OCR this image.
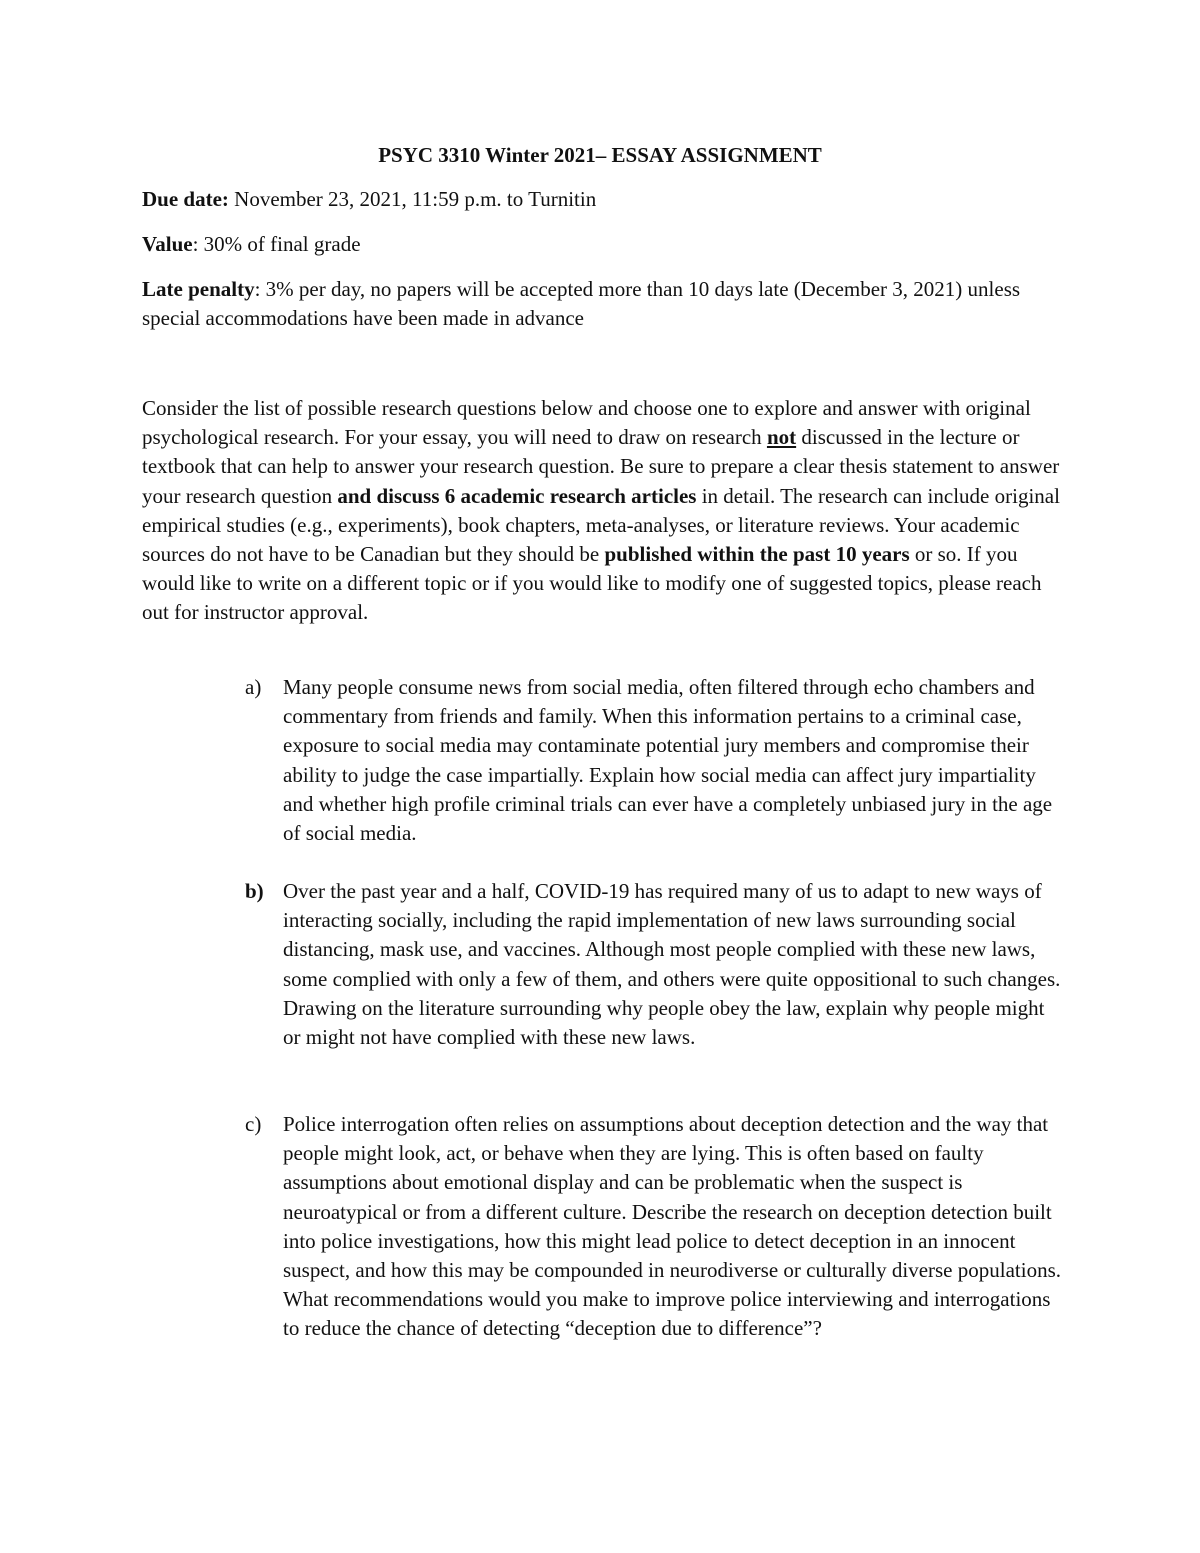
PSYC 3310 Winter 2021– ESSAY ASSIGNMENT
Due date: November 23, 2021, 11:59 p.m. to Turnitin
Value: 30% of final grade
Late penalty: 3% per day, no papers will be accepted more than 10 days late (December 3, 2021) unless special accommodations have been made in advance
Consider the list of possible research questions below and choose one to explore and answer with original psychological research. For your essay, you will need to draw on research not discussed in the lecture or textbook that can help to answer your research question. Be sure to prepare a clear thesis statement to answer your research question and discuss 6 academic research articles in detail. The research can include original empirical studies (e.g., experiments), book chapters, meta-analyses, or literature reviews. Your academic sources do not have to be Canadian but they should be published within the past 10 years or so. If you would like to write on a different topic or if you would like to modify one of suggested topics, please reach out for instructor approval.
a) Many people consume news from social media, often filtered through echo chambers and commentary from friends and family. When this information pertains to a criminal case, exposure to social media may contaminate potential jury members and compromise their ability to judge the case impartially. Explain how social media can affect jury impartiality and whether high profile criminal trials can ever have a completely unbiased jury in the age of social media.
b) Over the past year and a half, COVID-19 has required many of us to adapt to new ways of interacting socially, including the rapid implementation of new laws surrounding social distancing, mask use, and vaccines. Although most people complied with these new laws, some complied with only a few of them, and others were quite oppositional to such changes. Drawing on the literature surrounding why people obey the law, explain why people might or might not have complied with these new laws.
c) Police interrogation often relies on assumptions about deception detection and the way that people might look, act, or behave when they are lying. This is often based on faulty assumptions about emotional display and can be problematic when the suspect is neuroatypical or from a different culture. Describe the research on deception detection built into police investigations, how this might lead police to detect deception in an innocent suspect, and how this may be compounded in neurodiverse or culturally diverse populations. What recommendations would you make to improve police interviewing and interrogations to reduce the chance of detecting “deception due to difference”?
